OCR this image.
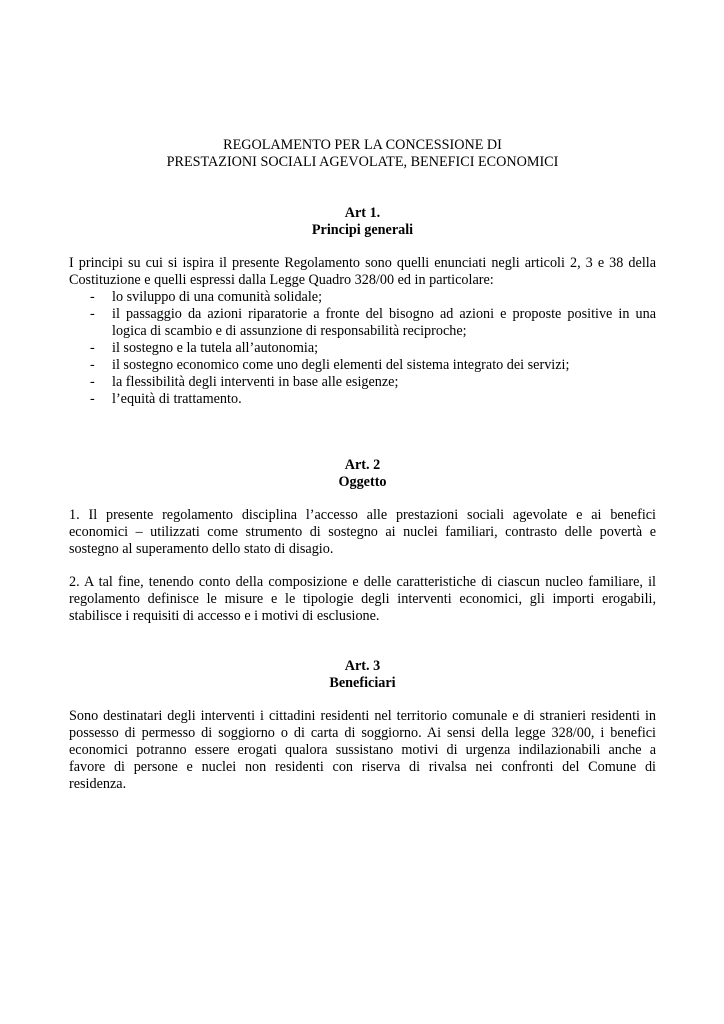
REGOLAMENTO PER LA CONCESSIONE DI
PRESTAZIONI SOCIALI AGEVOLATE, BENEFICI ECONOMICI
Art 1.
Principi generali
I principi su cui si ispira il presente Regolamento sono quelli enunciati negli articoli 2, 3 e 38 della
Costituzione e quelli espressi dalla Legge Quadro 328/00 ed in particolare:
- lo sviluppo di una comunità solidale;
- il passaggio da azioni riparatorie a fronte del bisogno ad azioni e proposte positive in una
logica di scambio e di assunzione di responsabilità reciproche;
- il sostegno e la tutela all’autonomia;
- il sostegno economico come uno degli elementi del sistema integrato dei servizi;
- la flessibilità degli interventi in base alle esigenze;
- l’equità di trattamento.
Art. 2
Oggetto
1. Il presente regolamento disciplina l’accesso alle prestazioni sociali agevolate e ai benefici
economici – utilizzati come strumento di sostegno ai nuclei familiari, contrasto delle povertà e
sostegno al superamento dello stato di disagio.
2. A tal fine, tenendo conto della composizione e delle caratteristiche di ciascun nucleo familiare, il
regolamento definisce le misure e le tipologie degli interventi economici, gli importi erogabili,
stabilisce i requisiti di accesso e i motivi di esclusione.
Art. 3
Beneficiari
Sono destinatari degli interventi i cittadini residenti nel territorio comunale e di stranieri residenti in
possesso di permesso di soggiorno o di carta di soggiorno. Ai sensi della legge 328/00, i benefici
economici potranno essere erogati qualora sussistano motivi di urgenza indilazionabili anche a
favore di persone e nuclei non residenti con riserva di rivalsa nei confronti del Comune di
residenza.
